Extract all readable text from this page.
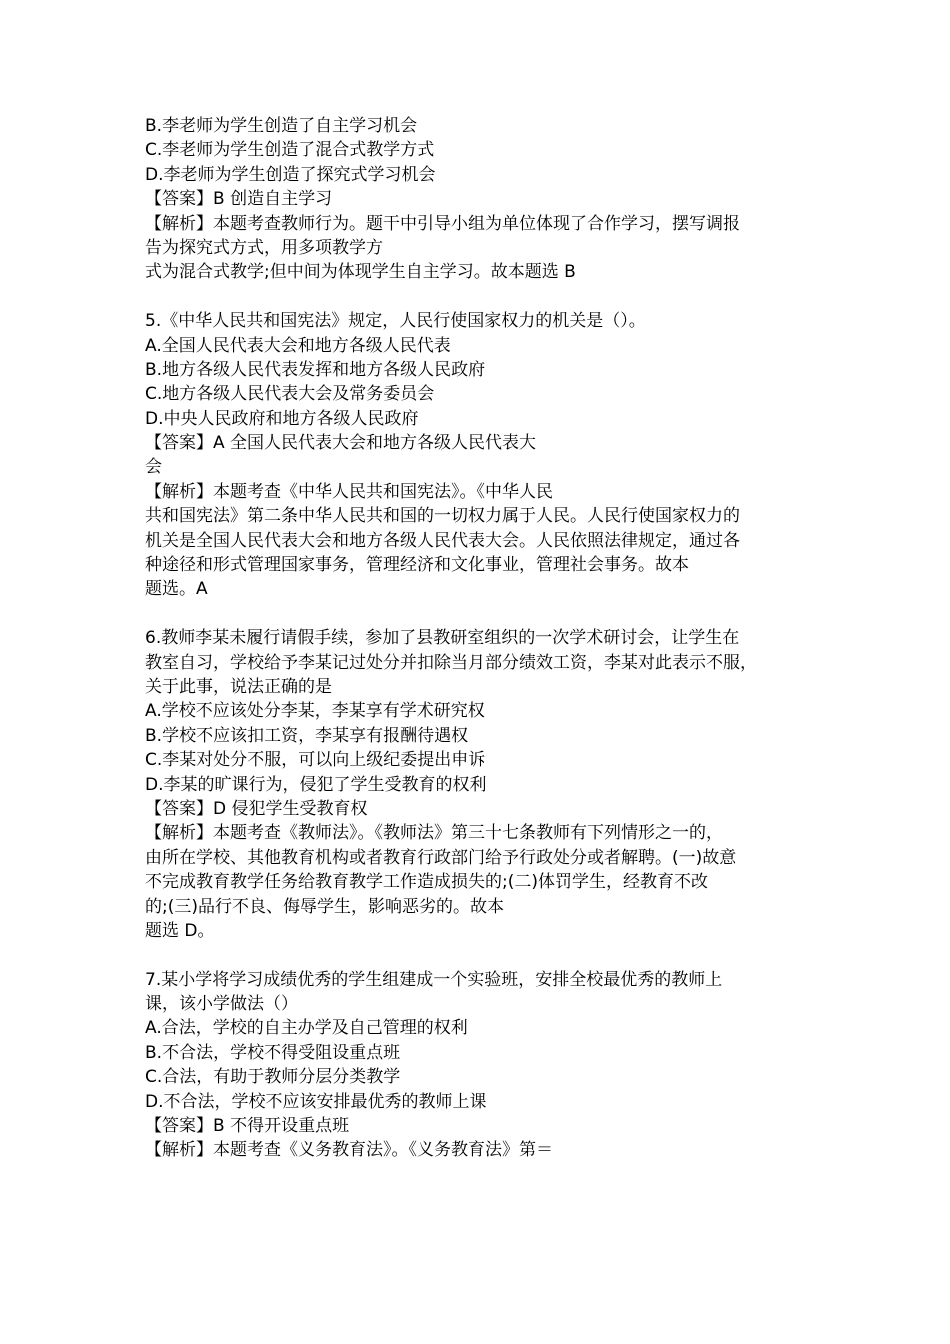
B.李老师为学生创造了自主学习机会
C.李老师为学生创造了混合式教学方式
D.李老师为学生创造了探究式学习机会
【答案】B 创造自主学习
【解析】本题考查教师行为。题干中引导小组为单位体现了合作学习，摆写调报
告为探究式方式，用多项教学方
式为混合式教学;但中间为体现学生自主学习。故本题选 B
5.《中华人民共和国宪法》规定，人民行使国家权力的机关是（）。
A.全国人民代表大会和地方各级人民代表
B.地方各级人民代表发挥和地方各级人民政府
C.地方各级人民代表大会及常务委员会
D.中央人民政府和地方各级人民政府
【答案】A 全国人民代表大会和地方各级人民代表大
会
【解析】本题考查《中华人民共和国宪法》。《中华人民
共和国宪法》第二条中华人民共和国的一切权力属于人民。人民行使国家权力的
机关是全国人民代表大会和地方各级人民代表大会。人民依照法律规定，通过各
种途径和形式管理国家事务，管理经济和文化事业，管理社会事务。故本
题选。A
6.教师李某未履行请假手续，参加了县教研室组织的一次学术研讨会，让学生在
教室自习，学校给予李某记过处分并扣除当月部分绩效工资，李某对此表示不服，
关于此事，说法正确的是
A.学校不应该处分李某，李某享有学术研究权
B.学校不应该扣工资，李某享有报酬待遇权
C.李某对处分不服，可以向上级纪委提出申诉
D.李某的旷课行为，侵犯了学生受教育的权利
【答案】D 侵犯学生受教育权
【解析】本题考查《教师法》。《教师法》第三十七条教师有下列情形之一的，
由所在学校、其他教育机构或者教育行政部门给予行政处分或者解聘。(一)故意
不完成教育教学任务给教育教学工作造成损失的;(二)体罚学生，经教育不改
的;(三)品行不良、侮辱学生，影响恶劣的。故本
题选 D。
7.某小学将学习成绩优秀的学生组建成一个实验班，安排全校最优秀的教师上
课，该小学做法（）
A.合法，学校的自主办学及自己管理的权利
B.不合法，学校不得受阻设重点班
C.合法，有助于教师分层分类教学
D.不合法，学校不应该安排最优秀的教师上课
【答案】B 不得开设重点班
【解析】本题考查《义务教育法》。《义务教育法》第＝
